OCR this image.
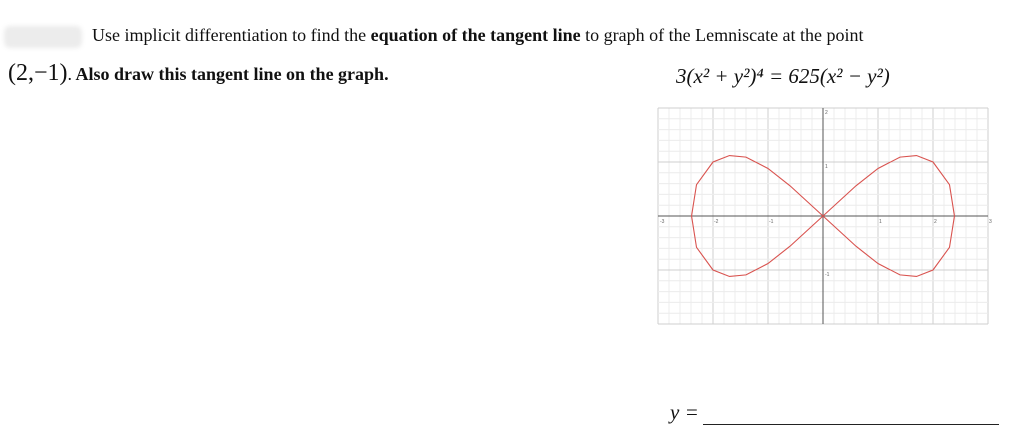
Use implicit differentiation to find the equation of the tangent line to graph of the Lemniscate at the point
(2,−1). Also draw this tangent line on the graph.	3(x² + y²)⁴ = 625(x² − y²)
-3	-2	-1	1	2	3
2
1
-1
y =
